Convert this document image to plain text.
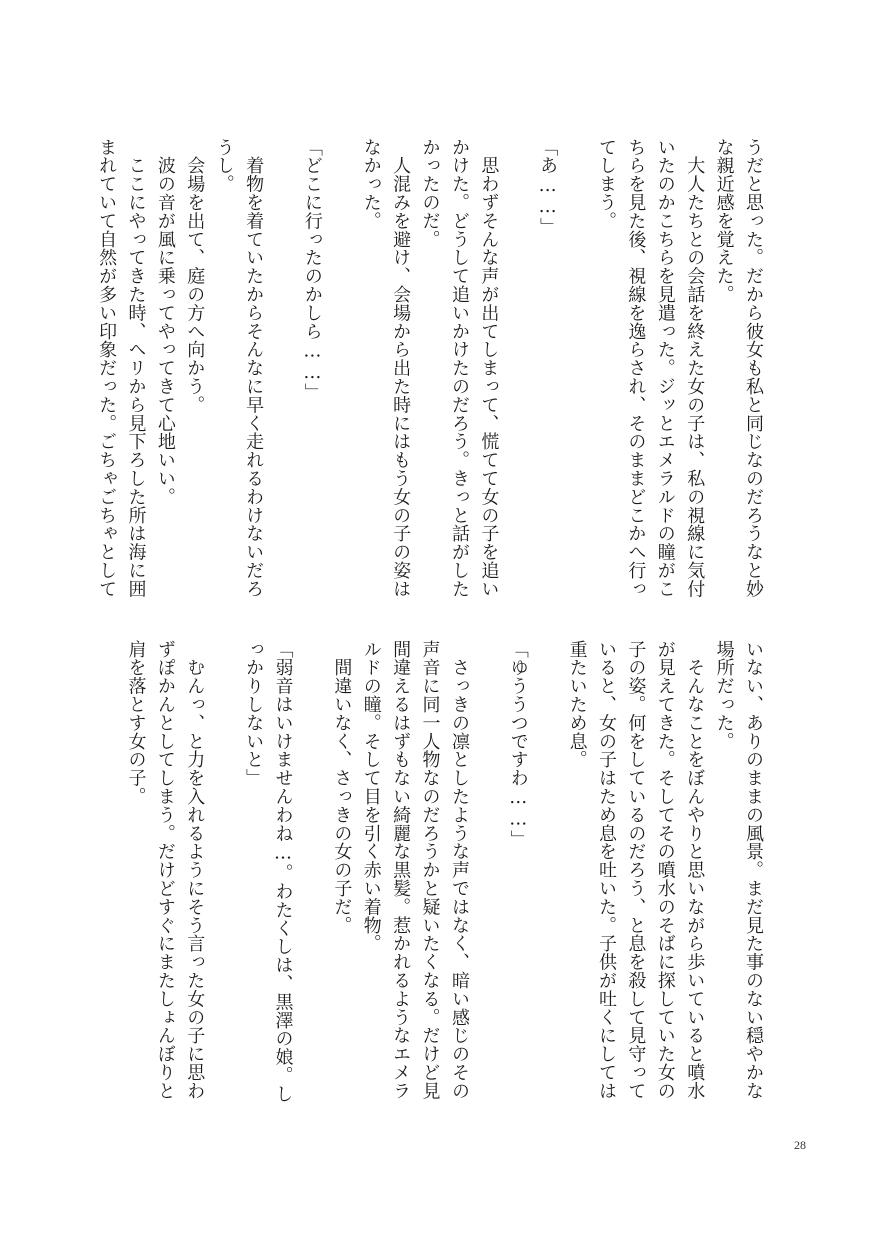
うだと思った。だから彼女も私と同じなのだろうなと妙
な親近感を覚えた。
　大人たちとの会話を終えた女の子は、私の視線に気付
いたのかこちらを見遣った。ジッとエメラルドの瞳がこ
ちらを見た後、視線を逸らされ、そのままどこかへ行っ
てしまう。

「あ……」

　思わずそんな声が出てしまって、慌てて女の子を追い
かけた。どうして追いかけたのだろう。きっと話がした
かったのだ。
　人混みを避け、会場から出た時にはもう女の子の姿は
なかった。

「どこに行ったのかしら……」

　着物を着ていたからそんなに早く走れるわけないだろ
うし。
　会場を出て、庭の方へ向かう。
　波の音が風に乗ってやってきて心地いい。
　ここにやってきた時、ヘリから見下ろした所は海に囲
まれていて自然が多い印象だった。ごちゃごちゃとして
いない、ありのままの風景。まだ見た事のない穏やかな
場所だった。
　そんなことをぼんやりと思いながら歩いていると噴水
が見えてきた。そしてその噴水のそばに探していた女の
子の姿。何をしているのだろう、と息を殺して見守って
いると、女の子はため息を吐いた。子供が吐くにしては
重たいため息。

「ゆううつですわ……」

　さっきの凛としたような声ではなく、暗い感じのその
声音に同一人物なのだろうかと疑いたくなる。だけど見
間違えるはずもない綺麗な黒髪。惹かれるようなエメラ
ルドの瞳。そして目を引く赤い着物。
　間違いなく、さっきの女の子だ。

「弱音はいけませんわね…。わたくしは、黒澤の娘。し
っかりしないと」

　むんっ、と力を入れるようにそう言った女の子に思わ
ずぽかんとしてしまう。だけどすぐにまたしょんぼりと
肩を落とす女の子。
28
